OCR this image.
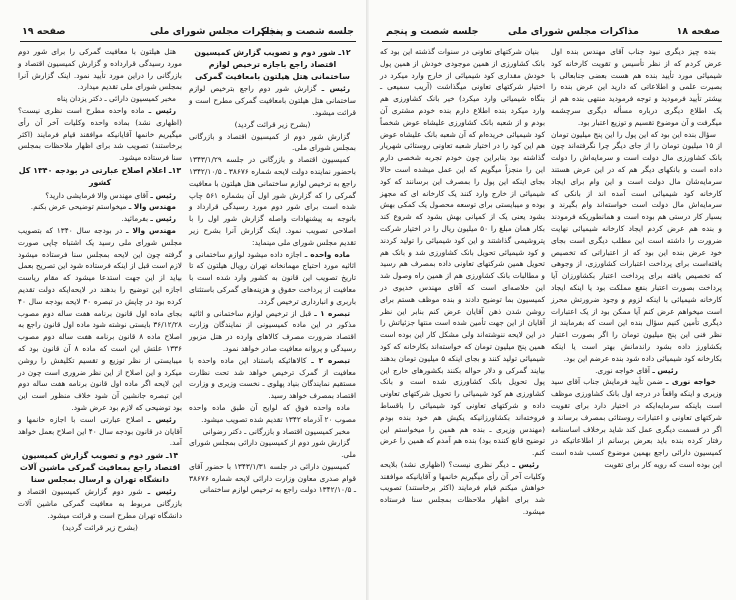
صفحه ۱۹	مذاکرات مجلس شورای ملی
جلسه شصت و پنجم
۱۲ـ شور دوم و تصویب گزارش کمیسیون اقتصاد راجع باجازه ترخیص لوازم ساختمانی هتل هیلتون بامعافیت گمرکی
رئیس ـ گزارش شور دوم راجع بترخیص لوازم ساختمانی هتل هیلتون بامعافیت گمرکی مطرح است و قرائت میشود.
(بشرح زیر قرائت گردید)
گزارش شور دوم از کمیسیون اقتصاد و بازرگانی بمجلس شورای ملی.
کمیسیون اقتصاد و بازرگانی در جلسه ۱۳۴۳/۱/۲۹ باحضور نماینده دولت لایحه شماره ۳۸۶۷۶ ـ ۱۳۴۲/۱۰/۵ راجع به ترخیص لوازم ساختمانی هتل هیلتون با معافیت گمرکی را که گزارش شور اول آن بشماره ۵۶۱ چاپ شده است برای شور دوم مورد رسیدگی قرارداد و باتوجه به پیشنهادات واصله گزارش شور اول را با اصلاحی تصویب نمود. اینک گزارش آنرا بشرح زیر تقدیم مجلس شورای ملی مینماید:
ماده واحده ـ اجازه داده میشود لوازم ساختمانی و اثاثیه مورد احتیاج مهمانخانه تهران رویال هیلتون که تا تاریخ تصویب این قانون به کشور وارد شده است با معافیت از پرداخت حقوق و هزینه‌های گمرکی باستثنای باربری و انبارداری ترخیص گردد.
تبصره ۱ ـ قبل از ترخیص لوازم ساختمانی و اثاثیه مذکور در این ماده کمیسیونی از نمایندگان وزارت اقتصاد ضرورت مصرف کالاهای وارده در هتل مزبور رسیدگی و پروانه معافیت صادر خواهد نمود.
تبصره ۲ ـ کالاهائیکه باستناد این ماده واحده با معافیت از گمرک ترخیص خواهد شد تحت نظارت مستقیم نمایندگان بنیاد پهلوی ـ نخست وزیری و وزارت اقتصاد بمصرف خواهد رسید.
ماده واحده فوق که لوایح آن طبق ماده واحده مصوب ۲۰ آذرماه ۱۳۴۲ تقدیم شده تصویب میشود.
مخبر کمیسیون اقتصاد و بازرگانی ـ دکتر رضوانی
گزارش شور دوم از کمیسیون دارائی بمجلس شورای ملی.
کمیسیون دارائی در جلسه ۱۳۴۳/۱/۳۱ با حضور آقای قوام صدری معاون وزارت دارائی لایحه شماره ۳۸۶۷۶ ـ ۱۳۴۲/۱۰/۵ دولت راجع به ترخیص لوازم ساختمانی
هتل هیلتون با معافیت گمرکی را برای شور دوم مورد رسیدگی قرارداده و گزارش کمیسیون اقتصاد و بازرگانی را دراین مورد تأیید نمود. اینک گزارش آنرا بمجلس شورای ملی تقدیم میدارد.
مخبر کمیسیون دارائی ـ دکتر یزدان پناه
رئیس ـ ماده واحده مطرح است نظری نیست؟ (اظهاری نشد) بماده واحده وکلیات آخر آن رأی میگیریم خانمها آقایانیکه موافقند قیام فرمایند (اکثر برخاستند) تصویب شد برای اظهار ملاحظات بمجلس سنا فرستاده میشود.
۱۳ـ اعلام اصلاح عبارتی در بودجه ۱۳۴۰ کل کشور
رئیس ـ آقای مهندس والا فرمایشی دارید؟
مهندس والا ـ میخواستم توضیحی عرض بکنم.
رئیس ـ بفرمائید.
مهندس والا ـ در بودجه سال ۱۳۴۰ که بتصویب مجلس شورای ملی رسید یک اشتباه چاپی صورت گرفته چون این لایحه بمجلس سنا فرستاده میشود لازم است قبل از اینکه فرستاده شود این تصریح بعمل بیاید از این جهت استدعا میشود که مقام ریاست اجازه این توضیح را بدهند در لایحه‌ایکه دولت تقدیم کرده بود در چاپش در تبصره ۳۰ لایحه بودجه سال ۴۰ بجای ماده اول قانون برنامه هفت ساله دوم مصوب ۳۶/۱۲/۲۸ بایستی نوشته شود ماده اول قانون راجع به اصلاح ماده ۸ قانون برنامه هفت ساله دوم مصوب ۱۳۳۶ علتش این است که ماده ۸ آن قانون بود که میبایستی از نظر توزیع و تقسیم تکلیفش را روشن میکرد و این اصلاح از این نظر ضروری است چون در این لایحه اگر ماده اول قانون برنامه هفت ساله دوم این تبصره جانشین آن شود خلاف منظور است این بود توضیحی که لازم بود عرض شود.
رئیس ـ اصلاح عبارتی است با اجازه خانمها و آقایان در قانون بودجه سال ۴۰ این اصلاح بعمل خواهد آمد.
۱۴ـ شور دوم و تصویب گزارش کمیسیون اقتصاد راجع بمعافیت گمرکی ماشین آلات دانشگاه تهران و ارسال بمجلس سنا
رئیس ـ شور دوم گزارش کمیسیون اقتصاد و بازرگانی مربوط به معافیت گمرکی ماشین آلات دانشگاه تهران مطرح است و قرائت میشود.
(بشرح زیر قرائت گردید)
جلسه شصت و پنجم	مذاکرات مجلس شورای ملی	صفحه ۱۸
بنده چیز دیگری نبود جناب آقای مهندس بنده اول عرض کردم که از نظر تأسیس و تقویت کارخانه کود شیمیائی مورد تأیید بنده هم هست بعضی جنابعالی با بصیرت علمی و اطلاعاتی که دارید این عرض بنده را بیشتر تأیید فرمودید و توجه فرمودید منتهی بنده هم از یک اطلاع دیگری درباره مسأله دیگری سرچشمه میگرفت و آن موضوع تقسیم و توزیع اعتبار بود.
سؤال بنده این بود که این پول را این پنج میلیون تومان از ۱۵ میلیون تومان را از جای دیگر چرا نگرفته‌اند چون بانک کشاورزی مال دولت است و سرمایه‌اش را دولت داده است و بانکهای دیگر هم که در این عرض هستند سرمایه‌شان مال دولت است و این وام برای ایجاد کارخانه کود شیمیائی است آمده اند از بانکی که سرمایه‌اش مال دولت است خواسته‌اند وام بگیرند و بسیار کار درستی هم بوده است و همانطوریکه فرمودند و بنده هم عرض کردم ایجاد کارخانه شیمیائی نهایت ضرورت را داشته است این مطلب دیگری است بجای خود عرض بنده این بود که از اعتباراتی که تخصیص یافته‌است برای پرداخت اعتبارات کشاورزی، از وجوهی که تخصیص یافته برای پرداخت اعتبار بکشاورزان آیا پرداخت بصورت اعتبار بنفع مملکت بود یا اینکه ایجاد کارخانه شیمیائی با اینکه لزوم و وجود ضرورتش محرز است میخواهم عرض کنم آیا ممکن بود از یک اعتبارات دیگری تأمین کنیم سؤال بنده این است که بفرمایند از نظر فنی این پنج میلیون تومان را اگر بصورت اعتبار بکشاورز داده بشود راندمانش بهتر است یا اینکه بکارخانه کود شیمیائی داده شود بنده عرضم این بود.
رئیس ـ آقای خواجه نوری.
خواجه نوری ـ ضمن تأیید فرمایش جناب آقای سید وزیری و اینکه واقعاً در درجه اول بانک کشاورزی موظف است باینکه سرمایه‌ایکه در اختیار دارد برای تقویت شرکتهای تعاونی و اعتبارات روستائی بمصرف برساند و اگر در قسمت دیگری عمل کند شاید برخلاف اساسنامه رفتار کرده بنده باید بعرض برسانم از اطلاعاتیکه در کمیسیون دارائی راجع بهمین موضوع کسب شده است این بوده است که رویه کار برای تقویت
بنیان شرکتهای تعاونی در سنوات گذشته این بود که بانک کشاورزی از همین موجودی خودش از همین پول خودش مقداری کود شیمیائی از خارج وارد میکرد در اختیار شرکتهای تعاونی میگذاشت (آریب سمیعی ـ بنگاه شیمیائی وارد میکرد) خیر بانک کشاورزی هم وارد میکرد بنده اطلاع دارم بنده خودم مشتری آن بودم و از شعبه بانک کشاورزی علیشاه عوض شخصاً کود شیمیائی خریده‌ام که آن شعبه بانک علیشاه عوض هم این کود را در اختیار شعبه تعاونی روستائی شهریار گذاشته بود بنابراین چون خودم تجربه شخصی دارم این را منجزاً میگویم که این عمل میشده است حالا بجای اینکه این پول را بمصرف این برسانند که کود شیمیائی از خارج وارد کنند یک کارخانه ای که مجهز بوده و میبایستی برای توسعه محصول یک کمکی بهش بشود یعنی یک از کمپانی بهش بشود که شروع کند بکار همان مبلغ را ۵۰ میلیون ریال را در اختیار شرکت پتروشیمی گذاشتند و این کود شیمیائی را تولید کردند و کود شیمیائی تحویل بانک کشاورزی شد و بانک هم تحویل همین شرکتهای تعاونی داده بمصرف هم رسید و مطالبات بانک کشاورزی هم از همین راه وصول شد این خلاصه‌ای است که آقای مهندس خدیوی در کمیسیون بما توضیح دادند و بنده موظف هستم برای روشن شدن ذهن آقایان عرض کنم بنابر این نظر آقایان از این جهت تأمین شده است منتها جزئیاتش را در این لایحه ننوشته‌اند ولی مشکل کار این بوده است همین پنج میلیون تومان که خواسته‌اند بکارخانه که کود شیمیائی تولید کنند و بجای اینکه ۵ میلیون تومان بدهند بیایند گمرکی و دلار حواله بکنند بکشورهای خارج این پول تحویل بانک کشاورزی شده است و بانک کشاورزی هم کود شیمیائی را تحویل شرکتهای تعاونی داده و شرکتهای تعاونی کود شیمیائی را باقساط فروخته‌اند بکشاورزانیکه یکیش هم خود بنده بودم (مهندس وزیری ـ بنده هم همین را میخواستم این توضیح قانع کننده بود) بنده هم آمدم که همین را عرض کنم.
رئیس ـ دیگر نظری نیست؟ (اظهاری نشد) بلایحه وکلیات آخر آن رأی میگیریم خانمها و آقایانیکه موافقند خواهش میکنم قیام فرمایند (اکثر برخاستند) تصویب شد برای اظهار ملاحظات بمجلس سنا فرستاده میشود.
